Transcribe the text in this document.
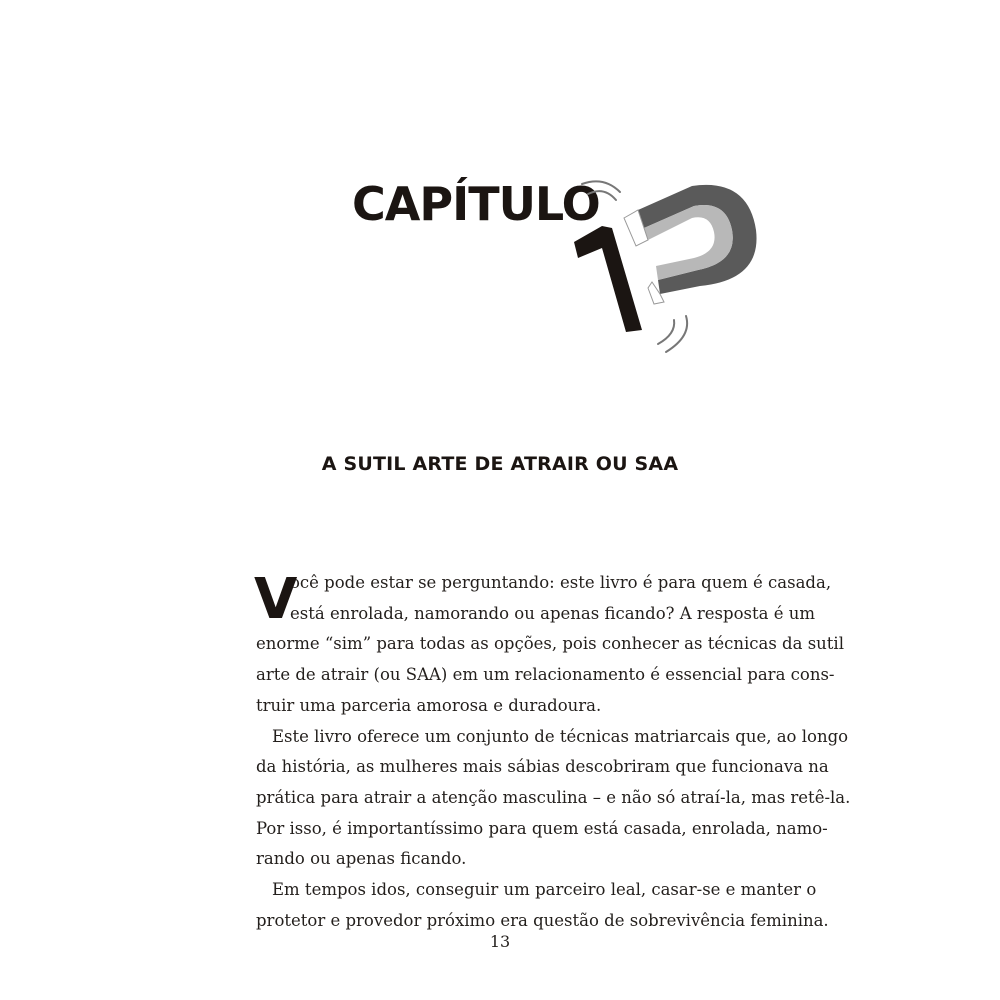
CAPÍTULO
A SUTIL ARTE DE ATRAIR OU SAA
V
ocê pode estar se perguntando: este livro é para quem é casada,
está enrolada, namorando ou apenas ficando? A resposta é um
enorme “sim” para todas as opções, pois conhecer as técnicas da sutil
arte de atrair (ou SAA) em um relacionamento é essencial para cons-
truir uma parceria amorosa e duradoura.
Este livro oferece um conjunto de técnicas matriarcais que, ao longo
da história, as mulheres mais sábias descobriram que funcionava na
prática para atrair a atenção masculina – e não só atraí-la, mas retê-la.
Por isso, é importantíssimo para quem está casada, enrolada, namo-
rando ou apenas ficando.
Em tempos idos, conseguir um parceiro leal, casar-se e manter o
protetor e provedor próximo era questão de sobrevivência feminina.
13
